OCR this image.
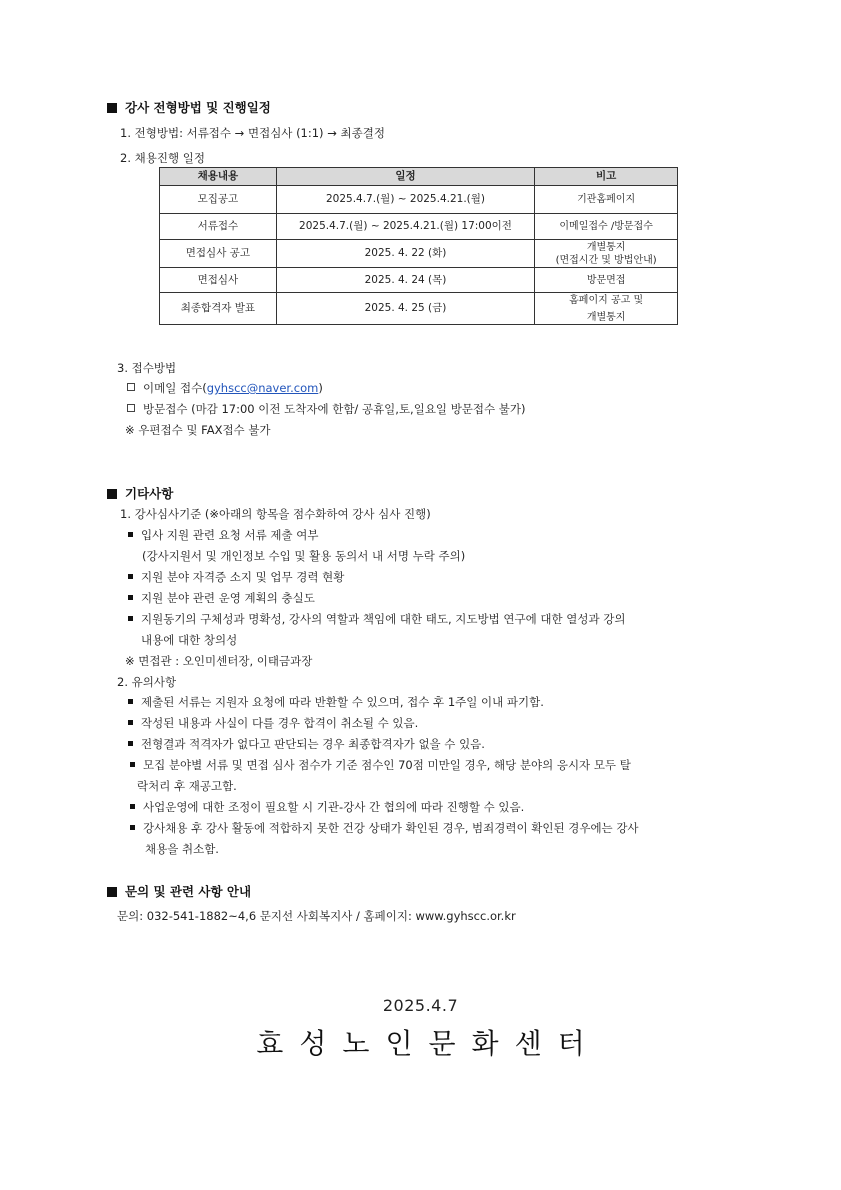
강사 전형방법 및 진행일정
1. 전형방법: 서류접수 → 면접심사 (1:1) → 최종결정
2. 채용진행 일정
채용내용	일정	비고
모집공고	2025.4.7.(월) ~ 2025.4.21.(월)	기관홈페이지
서류접수	2025.4.7.(월) ~ 2025.4.21.(월) 17:00이전	이메일접수 /방문접수
면접심사 공고	2025. 4. 22 (화)	개별통지
(면접시간 및 방법안내)

면접심사	2025. 4. 24 (목)	방문면접
최종합격자 발표	2025. 4. 25 (금)	홈페이지 공고 및
개별통지
3. 접수방법
이메일 접수(gyhscc@naver.com)
방문접수 (마감 17:00 이전 도착자에 한함/ 공휴일,토,일요일 방문접수 불가)
※ 우편접수 및 FAX접수 불가
기타사항
1. 강사심사기준 (※아래의 항목을 점수화하여 강사 심사 진행)
입사 지원 관련 요청 서류 제출 여부
(강사지원서 및 개인정보 수입 및 활용 동의서 내 서명 누락 주의)
지원 분야 자격증 소지 및 업무 경력 현황
지원 분야 관련 운영 계획의 충실도
지원동기의 구체성과 명확성, 강사의 역할과 책임에 대한 태도, 지도방법 연구에 대한 열성과 강의
내용에 대한 창의성
※ 면접관 : 오인미센터장, 이태금과장
2. 유의사항
제출된 서류는 지원자 요청에 따라 반환할 수 있으며, 접수 후 1주일 이내 파기함.
작성된 내용과 사실이 다를 경우 합격이 취소될 수 있음.
전형결과 적격자가 없다고 판단되는 경우 최종합격자가 없을 수 있음.
모집 분야별 서류 및 면접 심사 점수가 기준 점수인 70점 미만일 경우, 해당 분야의 응시자 모두 탈
락처리 후 재공고함.
사업운영에 대한 조정이 필요할 시 기관-강사 간 협의에 따라 진행할 수 있음.
강사채용 후 강사 활동에 적합하지 못한 건강 상태가 확인된 경우, 범죄경력이 확인된 경우에는 강사
채용을 취소함.
문의 및 관련 사항 안내
문의: 032-541-1882~4,6 문지선 사회복지사 / 홈페이지: www.gyhscc.or.kr
2025.4.7
효성노인문화센터
